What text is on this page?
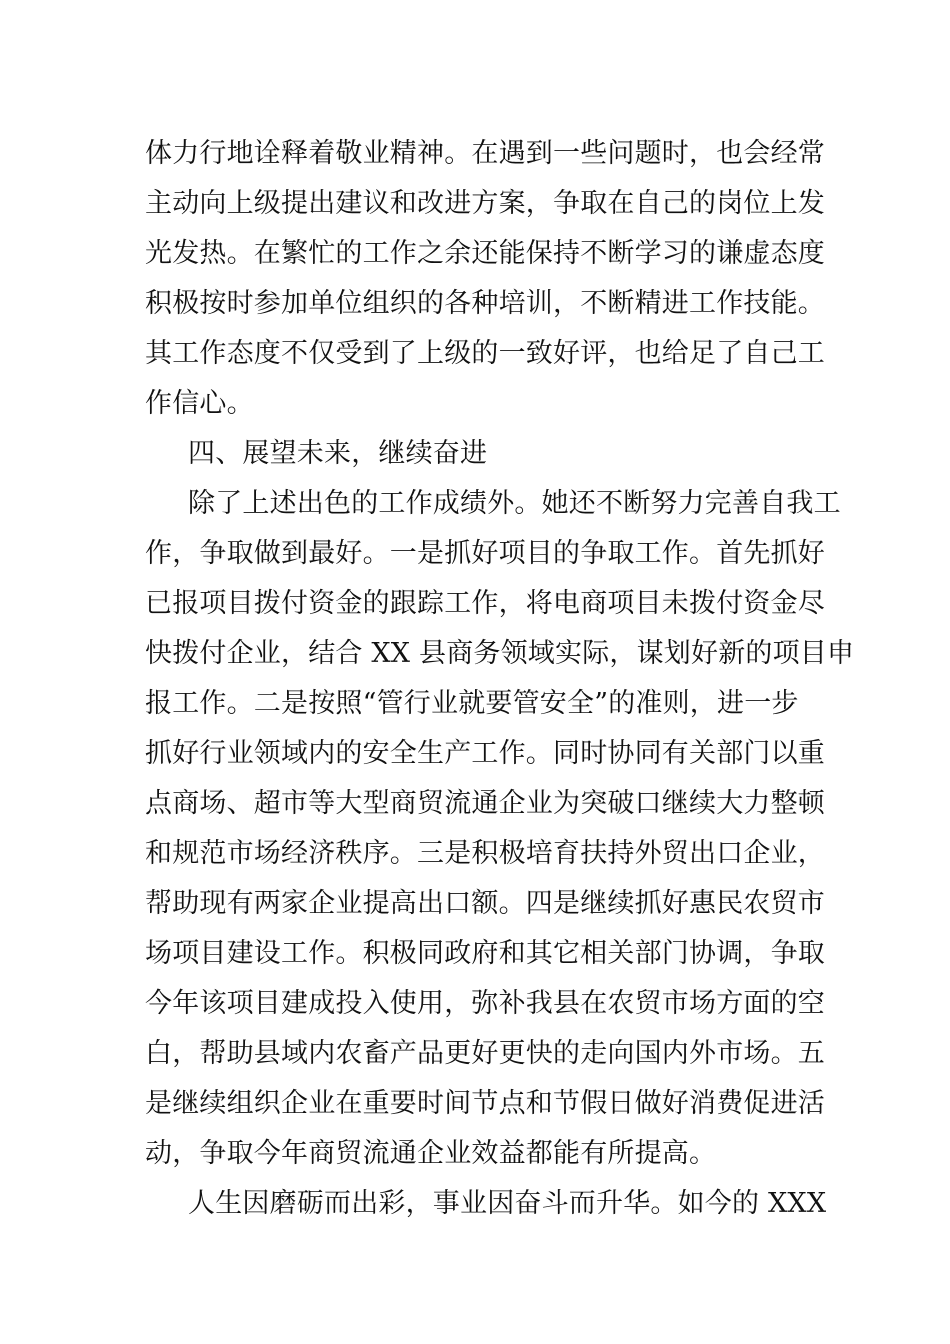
体力行地诠释着敬业精神。在遇到一些问题时，也会经常
主动向上级提出建议和改进方案，争取在自己的岗位上发
光发热。在繁忙的工作之余还能保持不断学习的谦虚态度
积极按时参加单位组织的各种培训，不断精进工作技能。
其工作态度不仅受到了上级的一致好评，也给足了自己工
作信心。
四、展望未来，继续奋进
除了上述出色的工作成绩外。她还不断努力完善自我工
作，争取做到最好。一是抓好项目的争取工作。首先抓好
已报项目拨付资金的跟踪工作，将电商项目未拨付资金尽
快拨付企业，结合 XX 县商务领域实际，谋划好新的项目申
报工作。二是按照“管行业就要管安全”的准则，进一步
抓好行业领域内的安全生产工作。同时协同有关部门以重
点商场、超市等大型商贸流通企业为突破口继续大力整顿
和规范市场经济秩序。三是积极培育扶持外贸出口企业，
帮助现有两家企业提高出口额。四是继续抓好惠民农贸市
场项目建设工作。积极同政府和其它相关部门协调，争取
今年该项目建成投入使用，弥补我县在农贸市场方面的空
白，帮助县域内农畜产品更好更快的走向国内外市场。五
是继续组织企业在重要时间节点和节假日做好消费促进活
动，争取今年商贸流通企业效益都能有所提高。
人生因磨砺而出彩，事业因奋斗而升华。如今的 XXX
